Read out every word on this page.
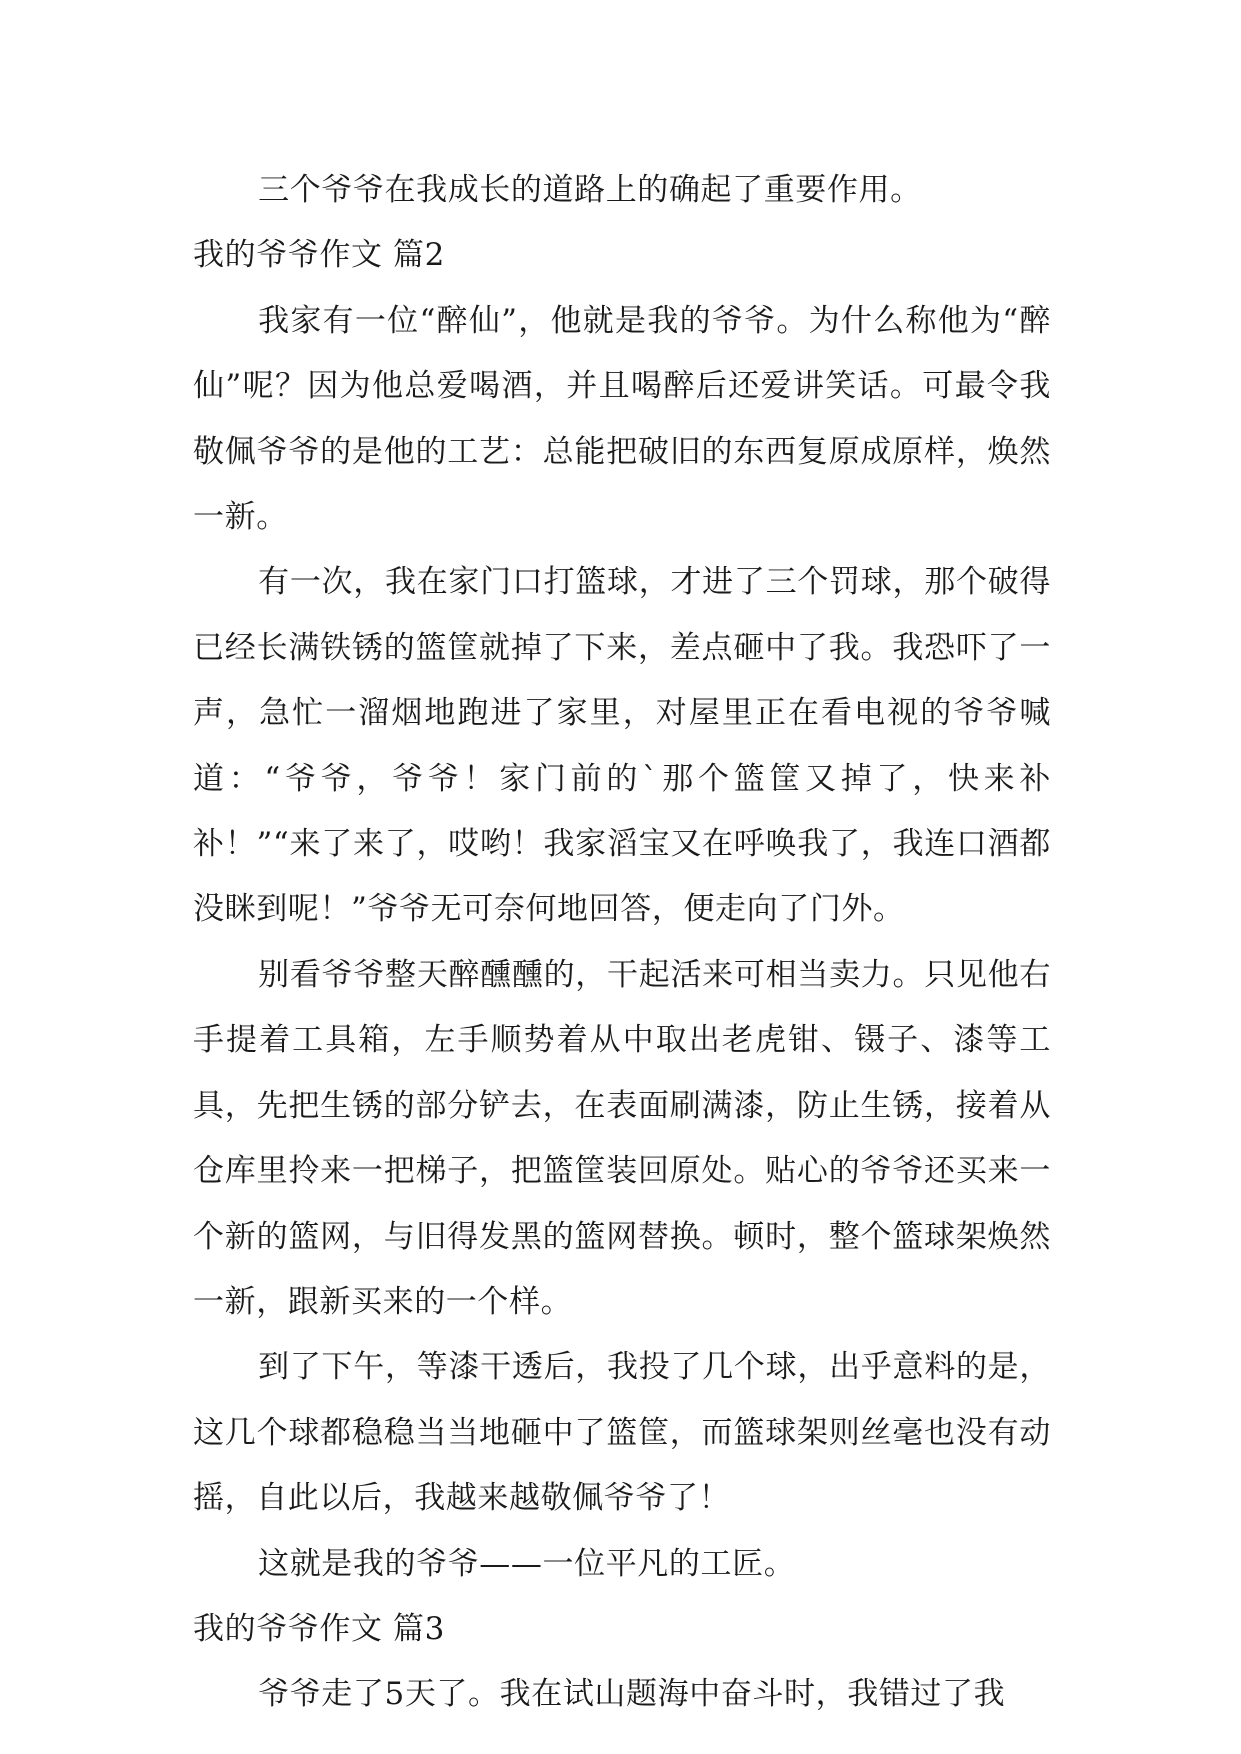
三个爷爷在我成长的道路上的确起了重要作用。

我的爷爷作文 篇2

我家有一位“醉仙”，他就是我的爷爷。为什么称他为“醉仙”呢？因为他总爱喝酒，并且喝醉后还爱讲笑话。可最令我敬佩爷爷的是他的工艺：总能把破旧的东西复原成原样，焕然一新。

有一次，我在家门口打篮球，才进了三个罚球，那个破得已经长满铁锈的篮筐就掉了下来，差点砸中了我。我恐吓了一声，急忙一溜烟地跑进了家里，对屋里正在看电视的爷爷喊道：“爷爷，爷爷！家门前的`那个篮筐又掉了，快来补补！”“来了来了，哎哟！我家滔宝又在呼唤我了，我连口酒都没眯到呢！”爷爷无可奈何地回答，便走向了门外。

别看爷爷整天醉醺醺的，干起活来可相当卖力。只见他右手提着工具箱，左手顺势着从中取出老虎钳、镊子、漆等工具，先把生锈的部分铲去，在表面刷满漆，防止生锈，接着从仓库里拎来一把梯子，把篮筐装回原处。贴心的爷爷还买来一个新的篮网，与旧得发黑的篮网替换。顿时，整个篮球架焕然一新，跟新买来的一个样。

到了下午，等漆干透后，我投了几个球，出乎意料的是，这几个球都稳稳当当地砸中了篮筐，而篮球架则丝毫也没有动摇，自此以后，我越来越敬佩爷爷了！

这就是我的爷爷——一位平凡的工匠。

我的爷爷作文 篇3

爷爷走了5天了。我在试山题海中奋斗时，我错过了我
